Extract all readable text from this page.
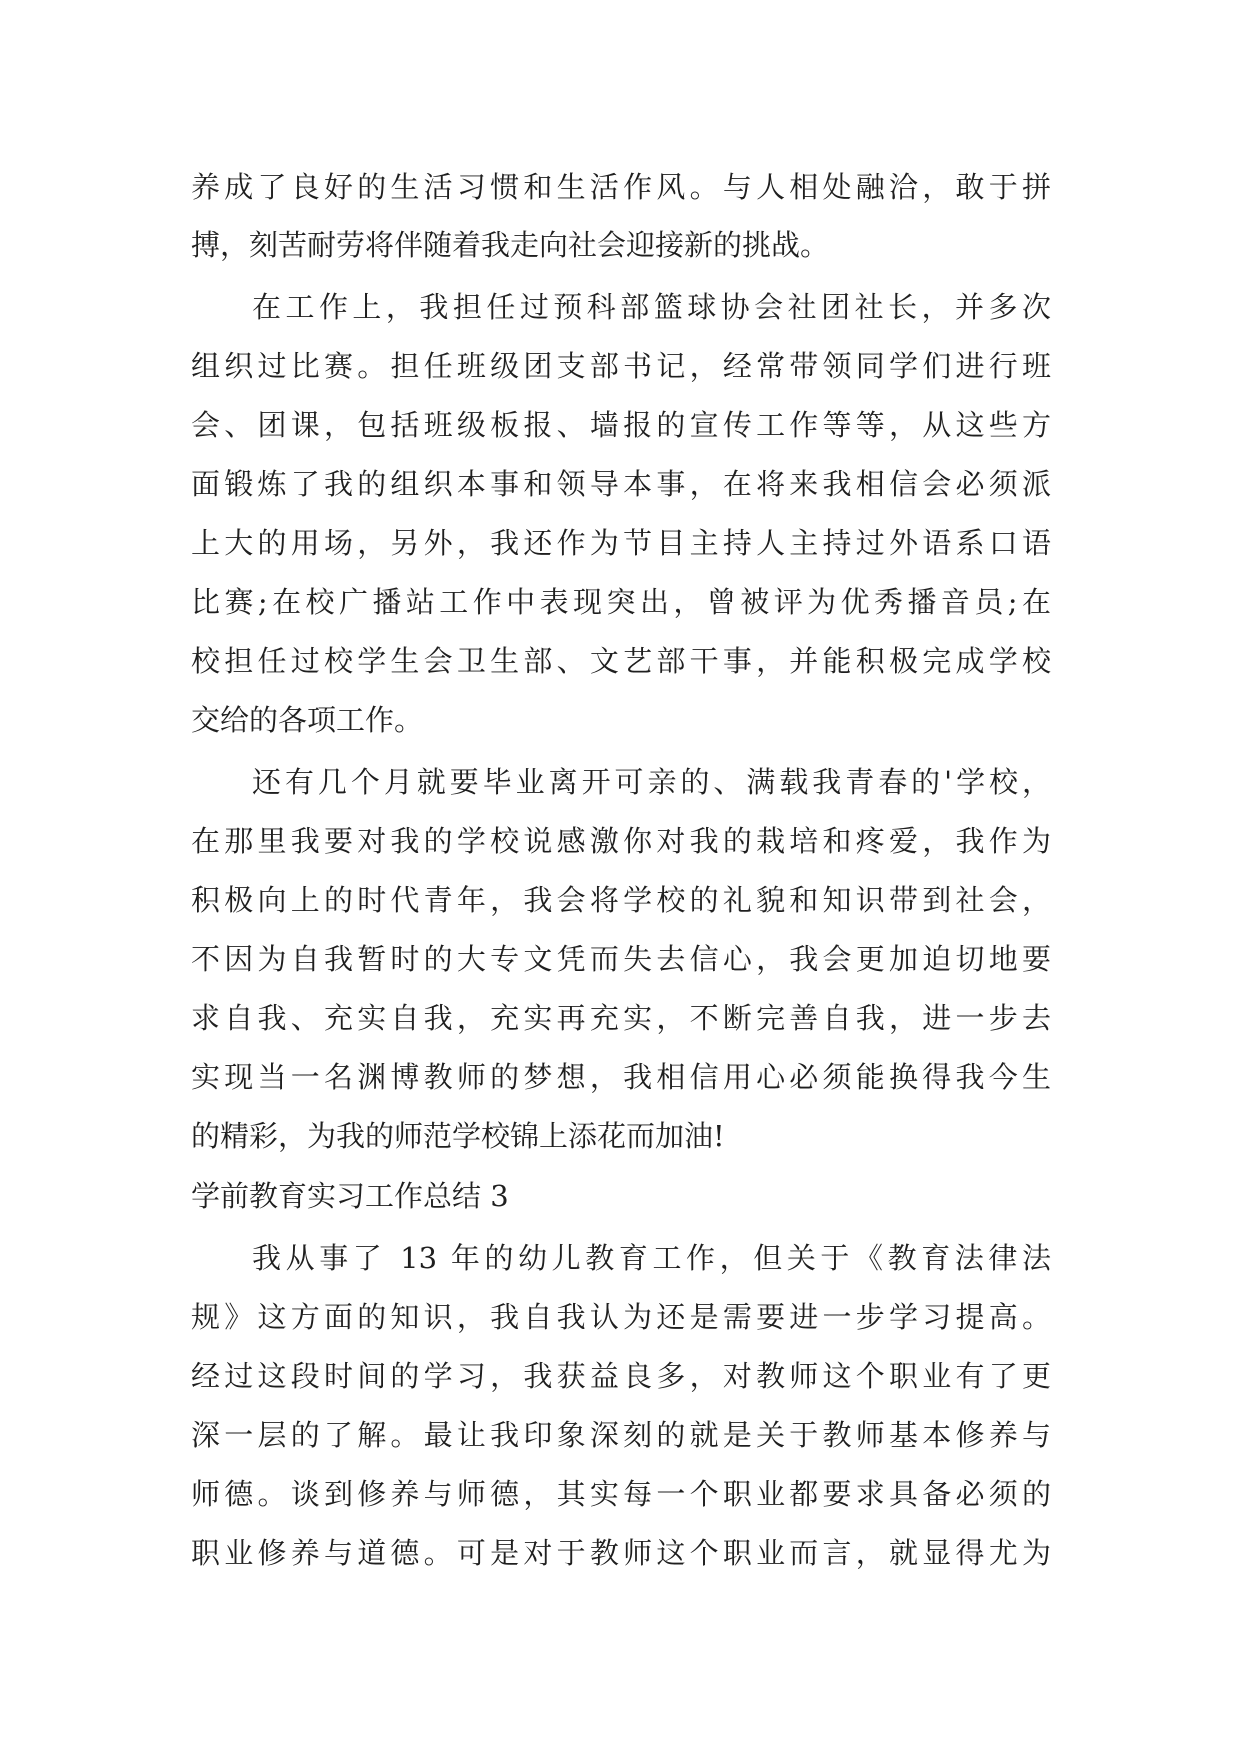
养成了良好的生活习惯和生活作风。与人相处融洽，敢于拼
搏，刻苦耐劳将伴随着我走向社会迎接新的挑战。
在工作上，我担任过预科部篮球协会社团社长，并多次
组织过比赛。担任班级团支部书记，经常带领同学们进行班
会、团课，包括班级板报、墙报的宣传工作等等，从这些方
面锻炼了我的组织本事和领导本事，在将来我相信会必须派
上大的用场，另外，我还作为节目主持人主持过外语系口语
比赛;在校广播站工作中表现突出，曾被评为优秀播音员;在
校担任过校学生会卫生部、文艺部干事，并能积极完成学校
交给的各项工作。
还有几个月就要毕业离开可亲的、满载我青春的'学校，
在那里我要对我的学校说感激你对我的栽培和疼爱，我作为
积极向上的时代青年，我会将学校的礼貌和知识带到社会，
不因为自我暂时的大专文凭而失去信心，我会更加迫切地要
求自我、充实自我，充实再充实，不断完善自我，进一步去
实现当一名渊博教师的梦想，我相信用心必须能换得我今生
的精彩，为我的师范学校锦上添花而加油!
学前教育实习工作总结 3
我从事了 13 年的幼儿教育工作，但关于《教育法律法
规》这方面的知识，我自我认为还是需要进一步学习提高。
经过这段时间的学习，我获益良多，对教师这个职业有了更
深一层的了解。最让我印象深刻的就是关于教师基本修养与
师德。谈到修养与师德，其实每一个职业都要求具备必须的
职业修养与道德。可是对于教师这个职业而言，就显得尤为
